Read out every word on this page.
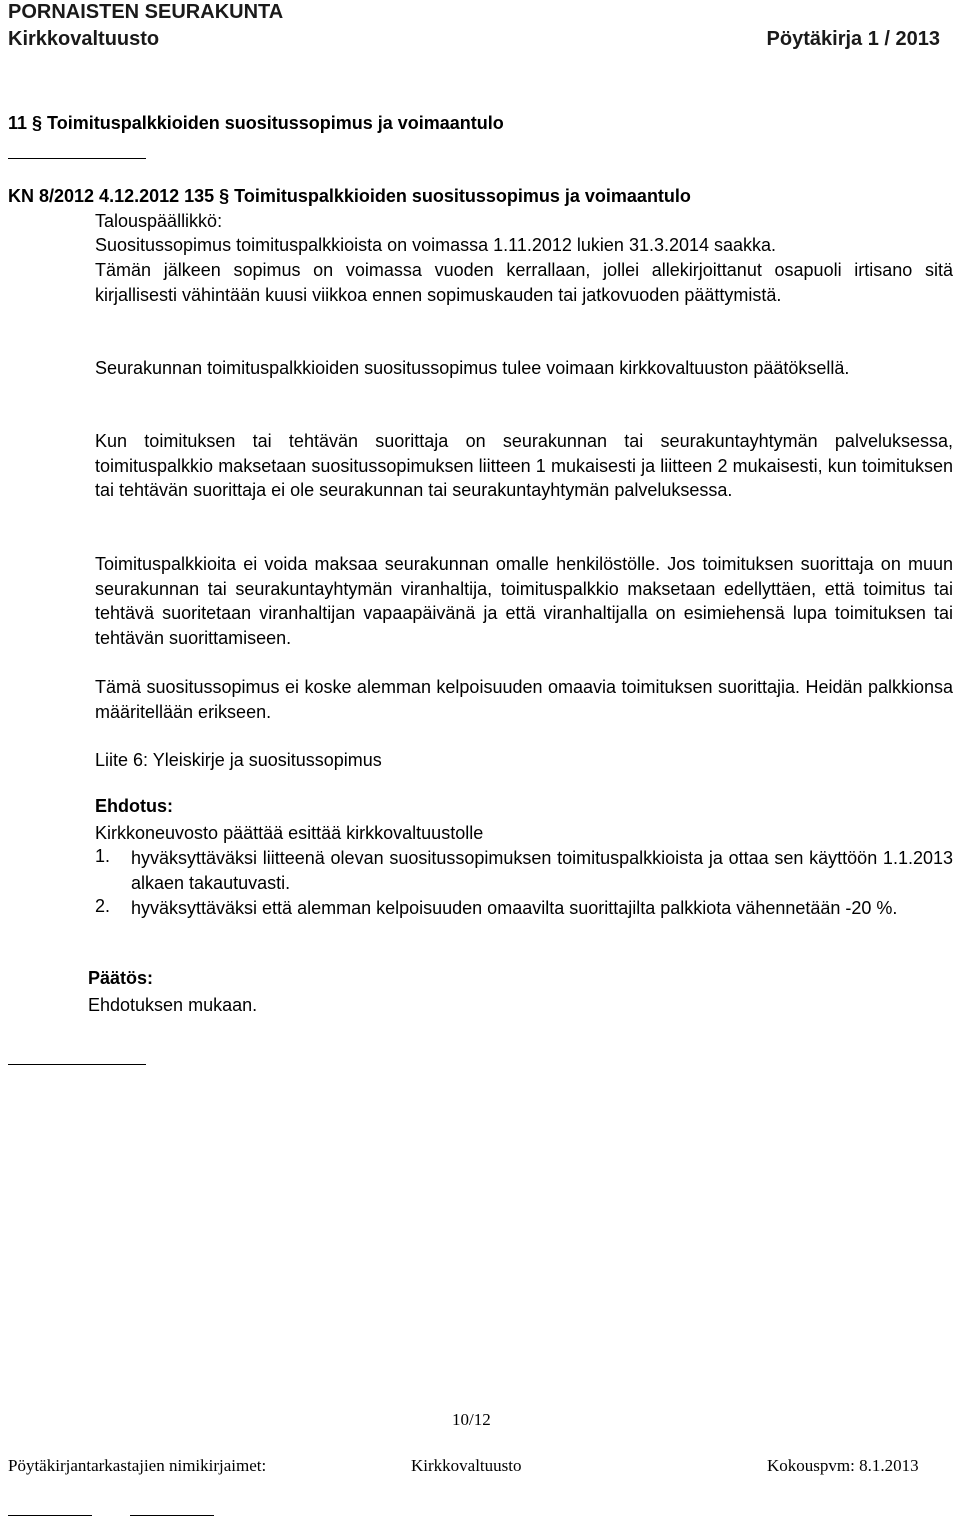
PORNAISTEN SEURAKUNTA
Kirkkovaltuusto	Pöytäkirja 1 / 2013
11 § Toimituspalkkioiden suositussopimus ja voimaantulo
KN 8/2012 4.12.2012 135 § Toimituspalkkioiden suositussopimus ja voimaantulo
Talouspäällikkö:
Suositussopimus toimituspalkkioista on voimassa 1.11.2012 lukien 31.3.2014 saakka.
Tämän jälkeen sopimus on voimassa vuoden kerrallaan, jollei allekirjoittanut osapuoli irtisano sitä kirjallisesti vähintään kuusi viikkoa ennen sopimuskauden tai jatkovuoden päättymistä.
Seurakunnan toimituspalkkioiden suositussopimus tulee voimaan kirkkovaltuuston päätöksellä.
Kun toimituksen tai tehtävän suorittaja on seurakunnan tai seurakuntayhtymän palveluksessa, toimituspalkkio maksetaan suositussopimuksen liitteen 1 mukaisesti ja liitteen 2 mukaisesti, kun toimituksen tai tehtävän suorittaja ei ole seurakunnan tai seurakuntayhtymän palveluksessa.
Toimituspalkkioita ei voida maksaa seurakunnan omalle henkilöstölle. Jos toimituksen suorittaja on muun seurakunnan tai seurakuntayhtymän viranhaltija, toimituspalkkio maksetaan edellyttäen, että toimitus tai tehtävä suoritetaan viranhaltijan vapaapäivänä ja että viranhaltijalla on esimiehensä lupa toimituksen tai tehtävän suorittamiseen.
Tämä suositussopimus ei koske alemman kelpoisuuden omaavia toimituksen suorittajia. Heidän palkkionsa määritellään erikseen.
Liite 6: Yleiskirje ja suositussopimus
Ehdotus:
Kirkkoneuvosto päättää esittää kirkkovaltuustolle
1. hyväksyttäväksi liitteenä olevan suositussopimuksen toimituspalkkioista ja ottaa sen käyttöön 1.1.2013 alkaen takautuvasti.
2. hyväksyttäväksi että alemman kelpoisuuden omaavilta suorittajilta palkkiota vähennetään -20 %.
Päätös:
Ehdotuksen mukaan.
10/12
Pöytäkirjantarkastajien nimikirjaimet:	Kirkkovaltuusto	Kokouspvm: 8.1.2013
